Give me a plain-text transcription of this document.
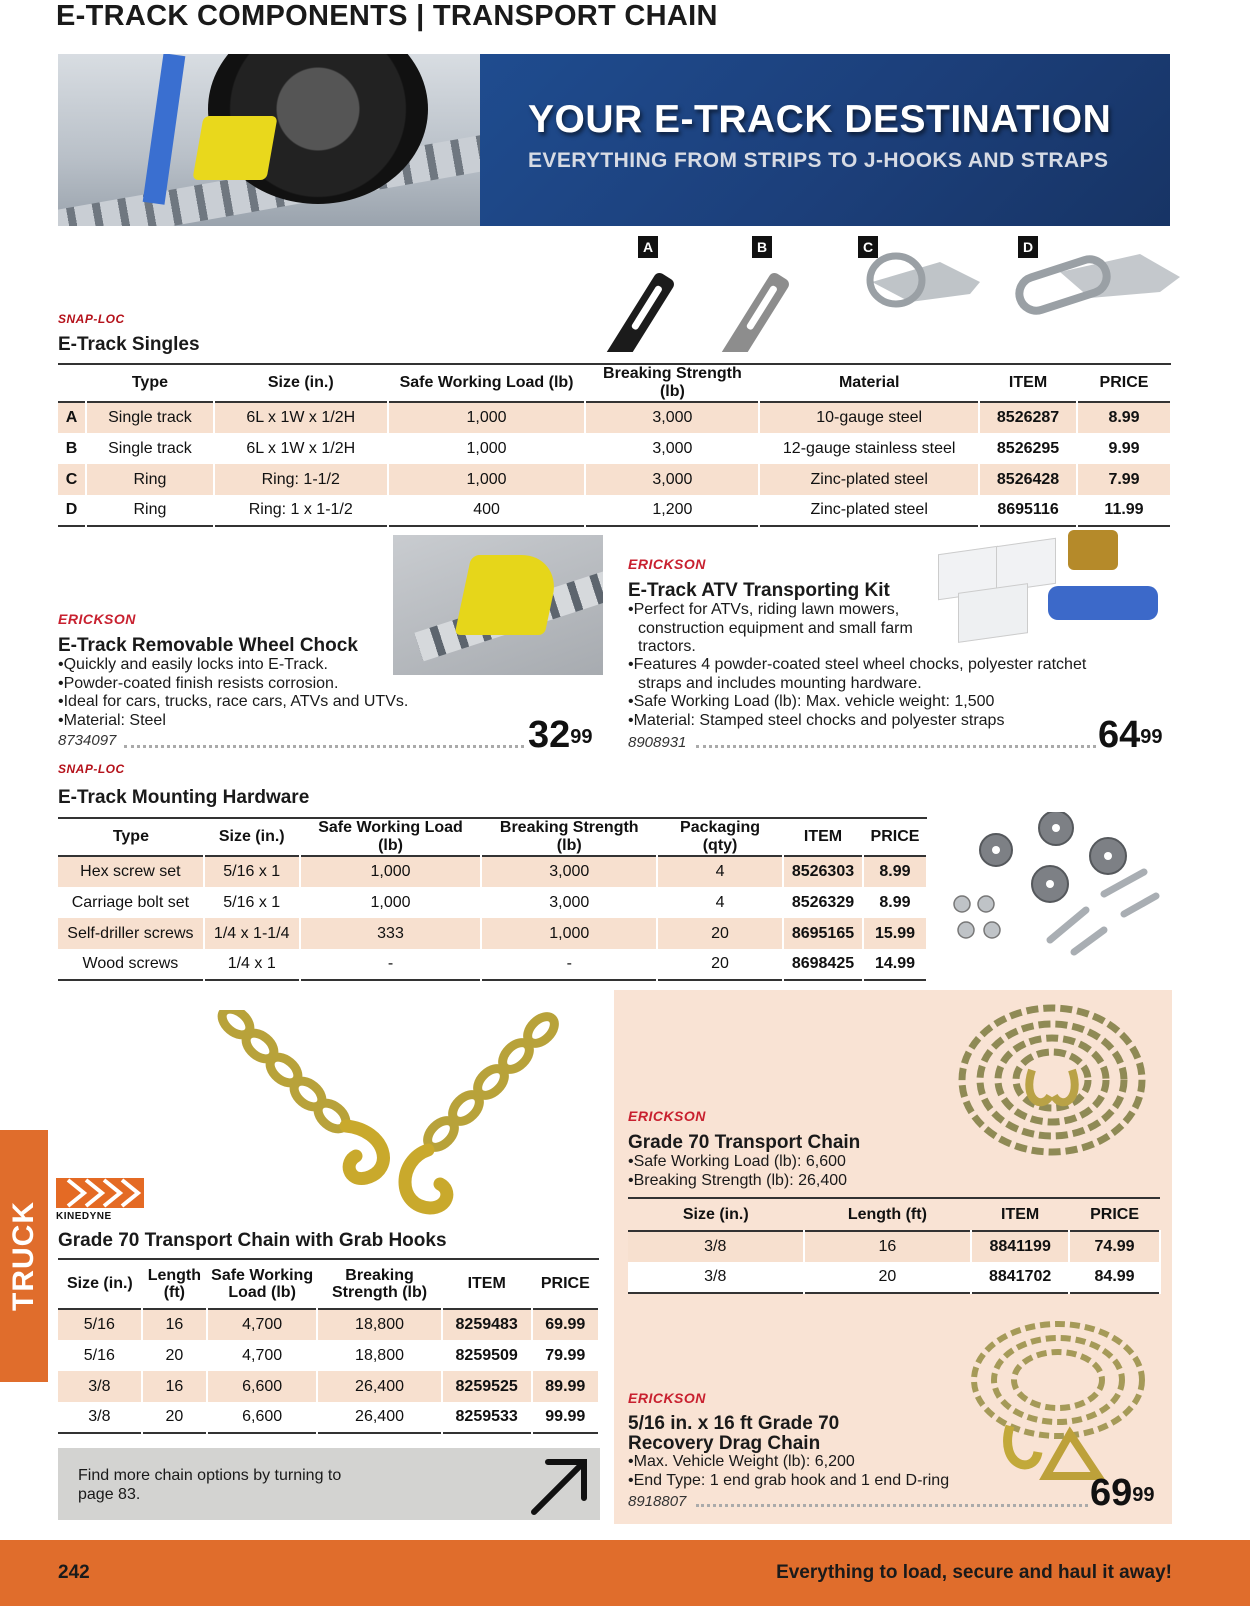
E-TRACK COMPONENTS | TRANSPORT CHAIN
YOUR E-TRACK DESTINATION
EVERYTHING FROM STRIPS TO J-HOOKS AND STRAPS
A	B	C	D
SNAP-LOC
E-Track Singles
	Type	Size (in.)	Safe Working Load (lb)	Breaking Strength (lb)	Material	ITEM	PRICE
A	Single track	6L x 1W x 1/2H	1,000	3,000	10-gauge steel	8526287	8.99
B	Single track	6L x 1W x 1/2H	1,000	3,000	12-gauge stainless steel	8526295	9.99
C	Ring	Ring: 1-1/2	1,000	3,000	Zinc-plated steel	8526428	7.99
D	Ring	Ring: 1 x 1-1/2	400	1,200	Zinc-plated steel	8695116	11.99
ERICKSON
E-Track Removable Wheel Chock
• Quickly and easily locks into E-Track.
• Powder-coated finish resists corrosion.
• Ideal for cars, trucks, race cars, ATVs and UTVs.
• Material: Steel
8734097	$32^{99}$
ERICKSON
E-Track ATV Transporting Kit
• Perfect for ATVs, riding lawn mowers, construction equipment and small farm tractors.
• Features 4 powder-coated steel wheel chocks, polyester ratchet straps and includes mounting hardware.
• Safe Working Load (lb): Max. vehicle weight: 1,500
• Material: Stamped steel chocks and polyester straps
8908931	$64^{99}$
SNAP-LOC
E-Track Mounting Hardware
Type	Size (in.)	Safe Working Load (lb)	Breaking Strength (lb)	Packaging (qty)	ITEM	PRICE
Hex screw set	5/16 x 1	1,000	3,000	4	8526303	8.99
Carriage bolt set	5/16 x 1	1,000	3,000	4	8526329	8.99
Self-driller screws	1/4 x 1-1/4	333	1,000	20	8695165	15.99
Wood screws	1/4 x 1	-	-	20	8698425	14.99
KINEDYNE
Grade 70 Transport Chain with Grab Hooks
Size (in.)	Length (ft)	Safe Working Load (lb)	Breaking Strength (lb)	ITEM	PRICE
5/16	16	4,700	18,800	8259483	69.99
5/16	20	4,700	18,800	8259509	79.99
3/8	16	6,600	26,400	8259525	89.99
3/8	20	6,600	26,400	8259533	99.99
Find more chain options by turning to page 83.
ERICKSON
Grade 70 Transport Chain
• Safe Working Load (lb): 6,600
• Breaking Strength (lb): 26,400
Size (in.)	Length (ft)	ITEM	PRICE
3/8	16	8841199	74.99
3/8	20	8841702	84.99
ERICKSON
5/16 in. x 16 ft Grade 70
Recovery Drag Chain
• Max. Vehicle Weight (lb): 6,200
• End Type: 1 end grab hook and 1 end D-ring
8918807	$69^{99}$
TRUCK
242	Everything to load, secure and haul it away!
